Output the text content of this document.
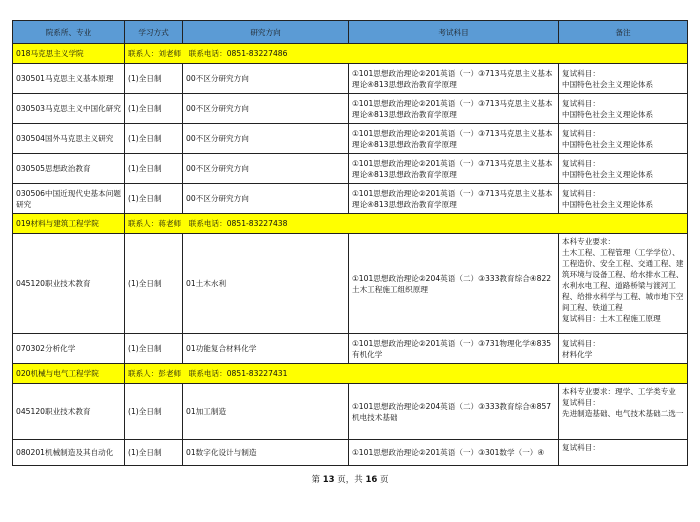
院系所、专业	学习方式	研究方向	考试科目	备注
018马克思主义学院	联系人：刘老师　联系电话：0851-83227486			
030501马克思主义基本原理	(1)全日制	00不区分研究方向	①101思想政治理论②201英语（一）③713马克思主义基本理论④813思想政治教育学原理	复试科目：
中国特色社会主义理论体系
030503马克思主义中国化研究	(1)全日制	00不区分研究方向	①101思想政治理论②201英语（一）③713马克思主义基本理论④813思想政治教育学原理	复试科目：
中国特色社会主义理论体系
030504国外马克思主义研究	(1)全日制	00不区分研究方向	①101思想政治理论②201英语（一）③713马克思主义基本理论④813思想政治教育学原理	复试科目：
中国特色社会主义理论体系
030505思想政治教育	(1)全日制	00不区分研究方向	①101思想政治理论②201英语（一）③713马克思主义基本理论④813思想政治教育学原理	复试科目：
中国特色社会主义理论体系
030506中国近现代史基本问题研究	(1)全日制	00不区分研究方向	①101思想政治理论②201英语（一）③713马克思主义基本理论④813思想政治教育学原理	复试科目：
中国特色社会主义理论体系
019材料与建筑工程学院	联系人：蒋老师　联系电话：0851-83227438			
045120职业技术教育	(1)全日制	01土木水利	①101思想政治理论②204英语（二）③333教育综合④822土木工程施工组织原理	本科专业要求：
土木工程、工程管理（工学学位）、工程造价、安全工程、交通工程、建筑环境与设备工程、给水排水工程、水利水电工程、道路桥梁与渡河工程、给排水科学与工程、城市地下空间工程、铁道工程
复试科目：土木工程施工原理
070302分析化学	(1)全日制	01功能复合材料化学	①101思想政治理论②201英语（一）③731物理化学④835有机化学	复试科目：
材料化学
020机械与电气工程学院	联系人：彭老师　联系电话：0851-83227431			
045120职业技术教育	(1)全日制	01加工制造	①101思想政治理论②204英语（二）③333教育综合④857机电技术基础	本科专业要求：理学、工学类专业
复试科目：
先进制造基础、电气技术基础二选一
080201机械制造及其自动化	(1)全日制	01数字化设计与制造	①101思想政治理论②201英语（一）③301数学（一）④	复试科目：
第 13 页，共 16 页
